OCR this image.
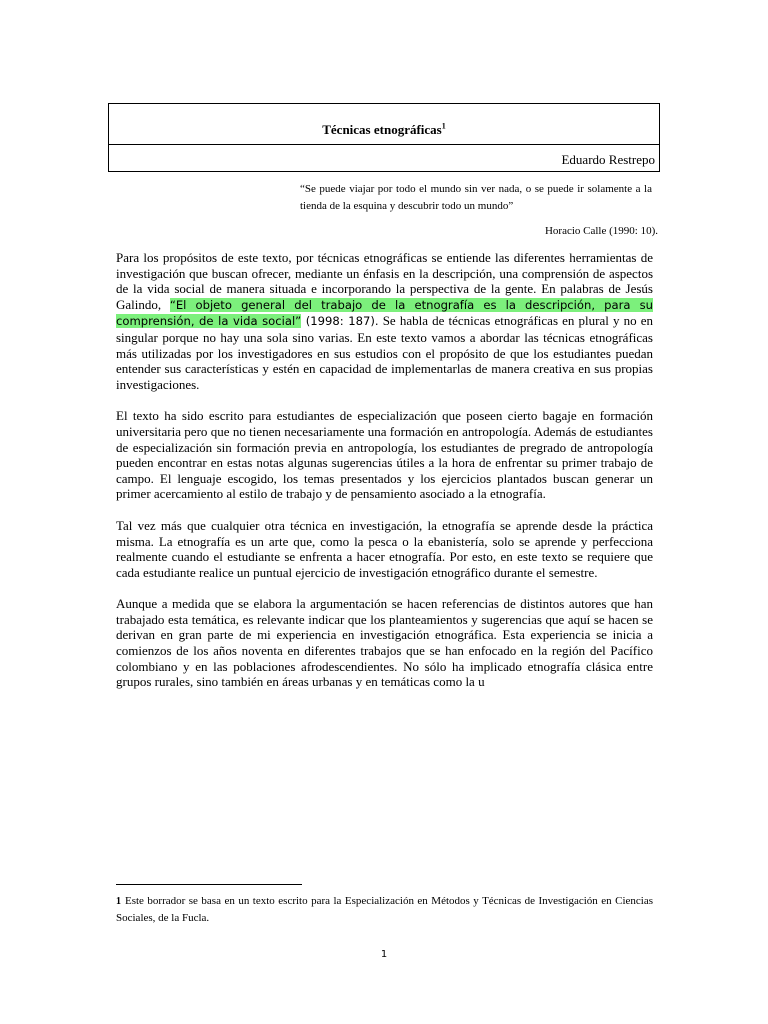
Técnicas etnográficas$^1$
Eduardo Restrepo
“Se puede viajar por todo el mundo sin ver nada, o se puede ir solamente a la tienda de la esquina y descubrir todo un mundo”
Horacio Calle (1990: 10).

Para los propósitos de este texto, por técnicas etnográficas se entiende las diferentes herramientas de investigación que buscan ofrecer, mediante un énfasis en la descripción, una comprensión de aspectos de la vida social de manera situada e incorporando la perspectiva de la gente. En palabras de Jesús Galindo, “El objeto general del trabajo de la etnografía es la descripción, para su comprensión, de la vida social” (1998: 187). Se habla de técnicas etnográficas en plural y no en singular porque no hay una sola sino varias. En este texto vamos a abordar las técnicas etnográficas más utilizadas por los investigadores en sus estudios con el propósito de que los estudiantes puedan entender sus características y estén en capacidad de implementarlas de manera creativa en sus propias investigaciones.

El texto ha sido escrito para estudiantes de especialización que poseen cierto bagaje en formación universitaria pero que no tienen necesariamente una formación en antropología. Además de estudiantes de especialización sin formación previa en antropología, los estudiantes de pregrado de antropología pueden encontrar en estas notas algunas sugerencias útiles a la hora de enfrentar su primer trabajo de campo. El lenguaje escogido, los temas presentados y los ejercicios plantados buscan generar un primer acercamiento al estilo de trabajo y de pensamiento asociado a la etnografía.

Tal vez más que cualquier otra técnica en investigación, la etnografía se aprende desde la práctica misma. La etnografía es un arte que, como la pesca o la ebanistería, solo se aprende y perfecciona realmente cuando el estudiante se enfrenta a hacer etnografía. Por esto, en este texto se requiere que cada estudiante realice un puntual ejercicio de investigación etnográfico durante el semestre.

Aunque a medida que se elabora la argumentación se hacen referencias de distintos autores que han trabajado esta temática, es relevante indicar que los planteamientos y sugerencias que aquí se hacen se derivan en gran parte de mi experiencia en investigación etnográfica. Esta experiencia se inicia a comienzos de los años noventa en diferentes trabajos que se han enfocado en la región del Pacífico colombiano y en las poblaciones afrodescendientes. No sólo ha implicado etnografía clásica entre grupos rurales, sino también en áreas urbanas y en temáticas como la u

1 Este borrador se basa en un texto escrito para la Especialización en Métodos y Técnicas de Investigación en Ciencias Sociales, de la Fucla.
1
